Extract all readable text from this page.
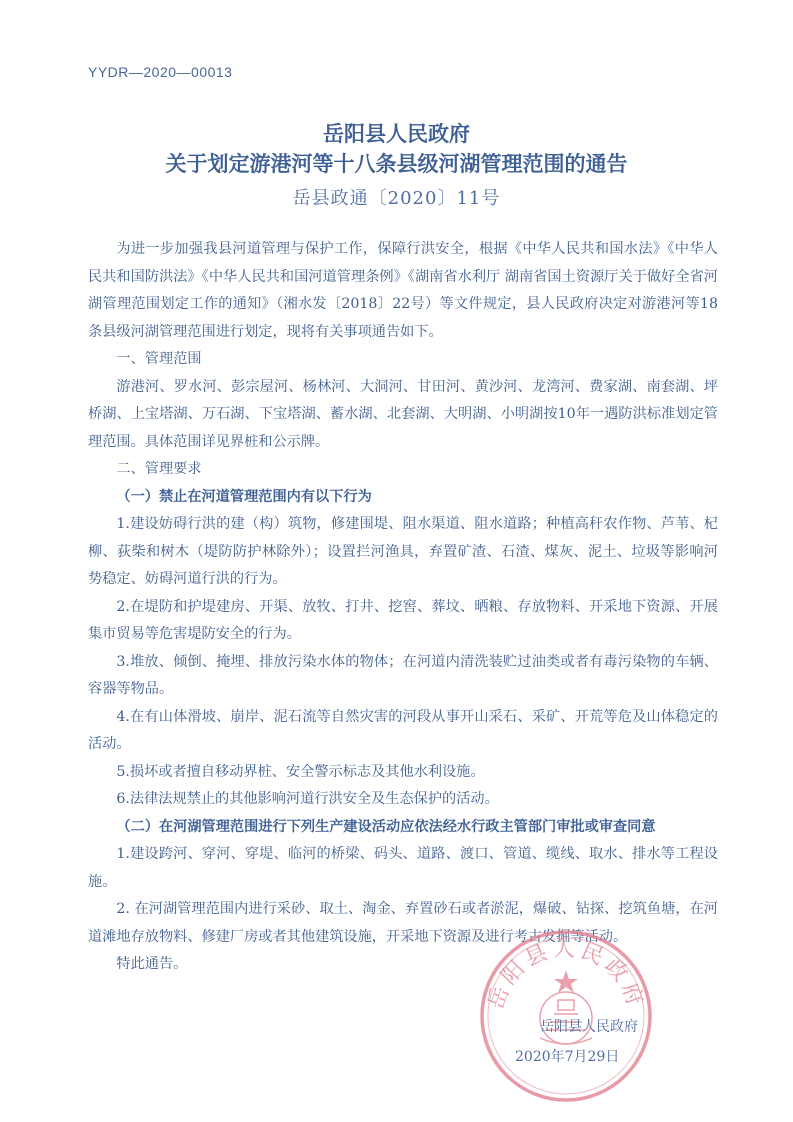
YYDR—2020—00013
岳阳县人民政府
关于划定游港河等十八条县级河湖管理范围的通告
岳县政通〔2020〕11号

为进一步加强我县河道管理与保护工作，保障行洪安全，根据《中华人民共和国水法》《中华人民共和国防洪法》《中华人民共和国河道管理条例》《湖南省水利厅 湖南省国土资源厅关于做好全省河湖管理范围划定工作的通知》（湘水发〔2018〕22号）等文件规定，县人民政府决定对游港河等18条县级河湖管理范围进行划定，现将有关事项通告如下。

一、管理范围

游港河、罗水河、彭宗屋河、杨林河、大洞河、甘田河、黄沙河、龙湾河、费家湖、南套湖、坪桥湖、上宝塔湖、万石湖、下宝塔湖、蓄水湖、北套湖、大明湖、小明湖按10年一遇防洪标准划定管理范围。具体范围详见界桩和公示牌。

二、管理要求

（一）禁止在河道管理范围内有以下行为

1.建设妨碍行洪的建（构）筑物，修建围堤、阻水渠道、阻水道路；种植高秆农作物、芦苇、杞柳、荻柴和树木（堤防防护林除外）；设置拦河渔具，弃置矿渣、石渣、煤灰、泥土、垃圾等影响河势稳定、妨碍河道行洪的行为。

2.在堤防和护堤建房、开渠、放牧、打井、挖窖、葬坟、晒粮、存放物料、开采地下资源、开展集市贸易等危害堤防安全的行为。

3.堆放、倾倒、掩埋、排放污染水体的物体；在河道内清洗装贮过油类或者有毒污染物的车辆、容器等物品。

4.在有山体滑坡、崩岸、泥石流等自然灾害的河段从事开山采石、采矿、开荒等危及山体稳定的活动。

5.损坏或者擅自移动界桩、安全警示标志及其他水利设施。

6.法律法规禁止的其他影响河道行洪安全及生态保护的活动。

（二）在河湖管理范围进行下列生产建设活动应依法经水行政主管部门审批或审查同意

1.建设跨河、穿河、穿堤、临河的桥梁、码头、道路、渡口、管道、缆线、取水、排水等工程设施。

2. 在河湖管理范围内进行采砂、取土、淘金、弃置砂石或者淤泥，爆破、钻探、挖筑鱼塘，在河道滩地存放物料、修建厂房或者其他建筑设施，开采地下资源及进行考古发掘等活动。

特此通告。

岳阳县人民政府
岳阳县人民政府
2020年7月29日
